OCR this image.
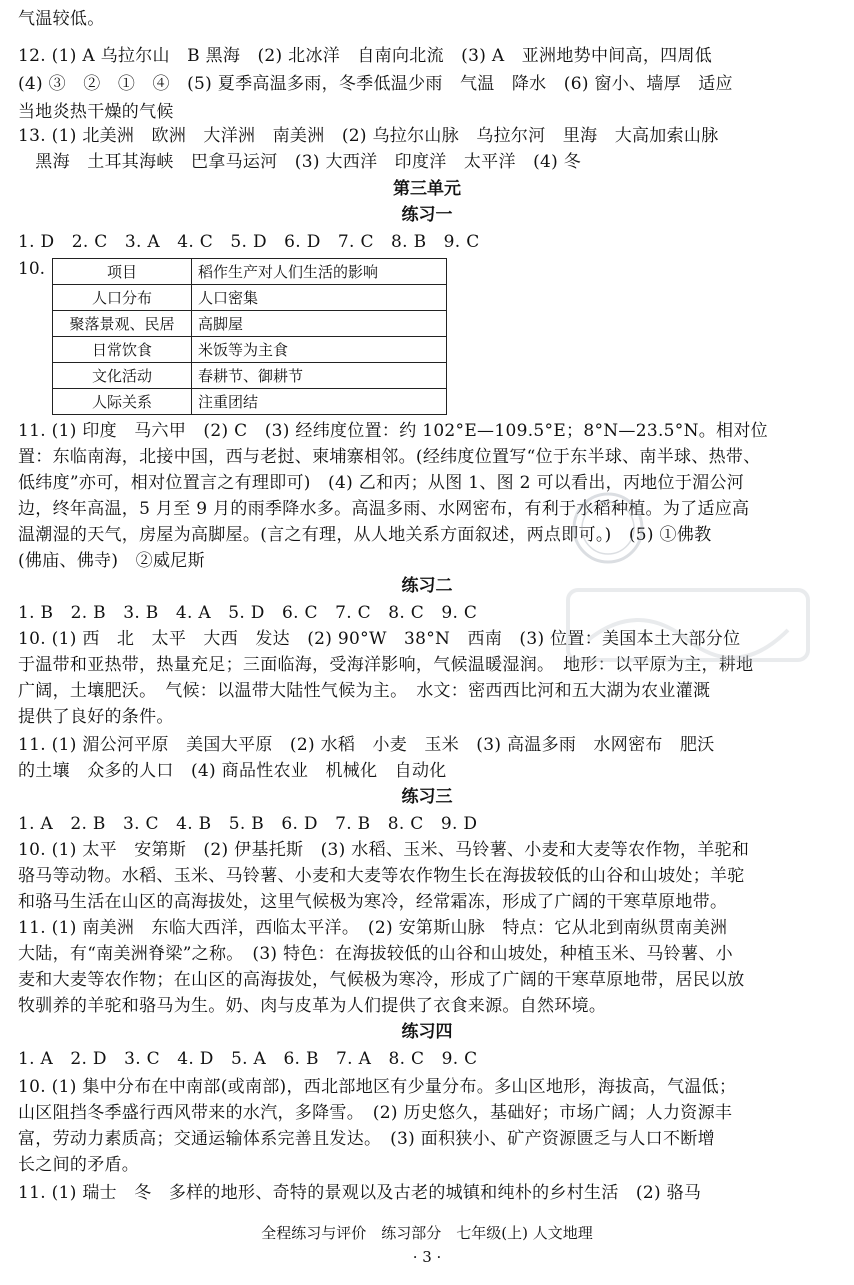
气温较低。

12. (1) A 乌拉尔山　B 黑海　(2) 北冰洋　自南向北流　(3) A　亚洲地势中间高，四周低

(4) ③　②　①　④　(5) 夏季高温多雨，冬季低温少雨　气温　降水　(6) 窗小、墙厚　适应

当地炎热干燥的气候

13. (1) 北美洲　欧洲　大洋洲　南美洲　(2) 乌拉尔山脉　乌拉尔河　里海　大高加索山脉

　黑海　土耳其海峡　巴拿马运河　(3) 大西洋　印度洋　太平洋　(4) 冬

第三单元
练习一

1. D　2. C　3. A　4. C　5. D　6. D　7. C　8. B　9. C

10.	项目	稻作生产对人们生活的影响
人口分布	人口密集
聚落景观、民居	高脚屋
日常饮食	米饭等为主食
文化活动	春耕节、御耕节
人际关系	注重团结

11. (1) 印度　马六甲　(2) C　(3) 经纬度位置：约 102°E—109.5°E；8°N—23.5°N。相对位

置：东临南海，北接中国，西与老挝、柬埔寨相邻。(经纬度位置写“位于东半球、南半球、热带、

低纬度”亦可，相对位置言之有理即可)　(4) 乙和丙；从图 1、图 2 可以看出，丙地位于湄公河

边，终年高温，5 月至 9 月的雨季降水多。高温多雨、水网密布，有利于水稻种植。为了适应高

温潮湿的天气，房屋为高脚屋。(言之有理，从人地关系方面叙述，两点即可。)　(5) ①佛教

(佛庙、佛寺)　②威尼斯

练习二

1. B　2. B　3. B　4. A　5. D　6. C　7. C　8. C　9. C

10. (1) 西　北　太平　大西　发达　(2) 90°W　38°N　西南　(3) 位置：美国本土大部分位

于温带和亚热带，热量充足；三面临海，受海洋影响，气候温暖湿润。　地形：以平原为主，耕地

广阔，土壤肥沃。　气候：以温带大陆性气候为主。　水文：密西西比河和五大湖为农业灌溉

提供了良好的条件。

11. (1) 湄公河平原　美国大平原　(2) 水稻　小麦　玉米　(3) 高温多雨　水网密布　肥沃

的土壤　众多的人口　(4) 商品性农业　机械化　自动化

练习三

1. A　2. B　3. C　4. B　5. B　6. D　7. B　8. C　9. D

10. (1) 太平　安第斯　(2) 伊基托斯　(3) 水稻、玉米、马铃薯、小麦和大麦等农作物，羊驼和

骆马等动物。水稻、玉米、马铃薯、小麦和大麦等农作物生长在海拔较低的山谷和山坡处；羊驼

和骆马生活在山区的高海拔处，这里气候极为寒冷，经常霜冻，形成了广阔的干寒草原地带。

11. (1) 南美洲　东临大西洋，西临太平洋。　(2) 安第斯山脉　特点：它从北到南纵贯南美洲

大陆，有“南美洲脊梁”之称。　(3) 特色：在海拔较低的山谷和山坡处，种植玉米、马铃薯、小

麦和大麦等农作物；在山区的高海拔处，气候极为寒冷，形成了广阔的干寒草原地带，居民以放

牧驯养的羊驼和骆马为生。奶、肉与皮革为人们提供了衣食来源。自然环境。

练习四

1. A　2. D　3. C　4. D　5. A　6. B　7. A　8. C　9. C

10. (1) 集中分布在中南部(或南部)，西北部地区有少量分布。多山区地形，海拔高，气温低；

山区阻挡冬季盛行西风带来的水汽，多降雪。　(2) 历史悠久，基础好；市场广阔；人力资源丰

富，劳动力素质高；交通运输体系完善且发达。　(3) 面积狭小、矿产资源匮乏与人口不断增

长之间的矛盾。

11. (1) 瑞士　冬　多样的地形、奇特的景观以及古老的城镇和纯朴的乡村生活　(2) 骆马

全程练习与评价　练习部分　七年级(上) 人文地理
· 3 ·
